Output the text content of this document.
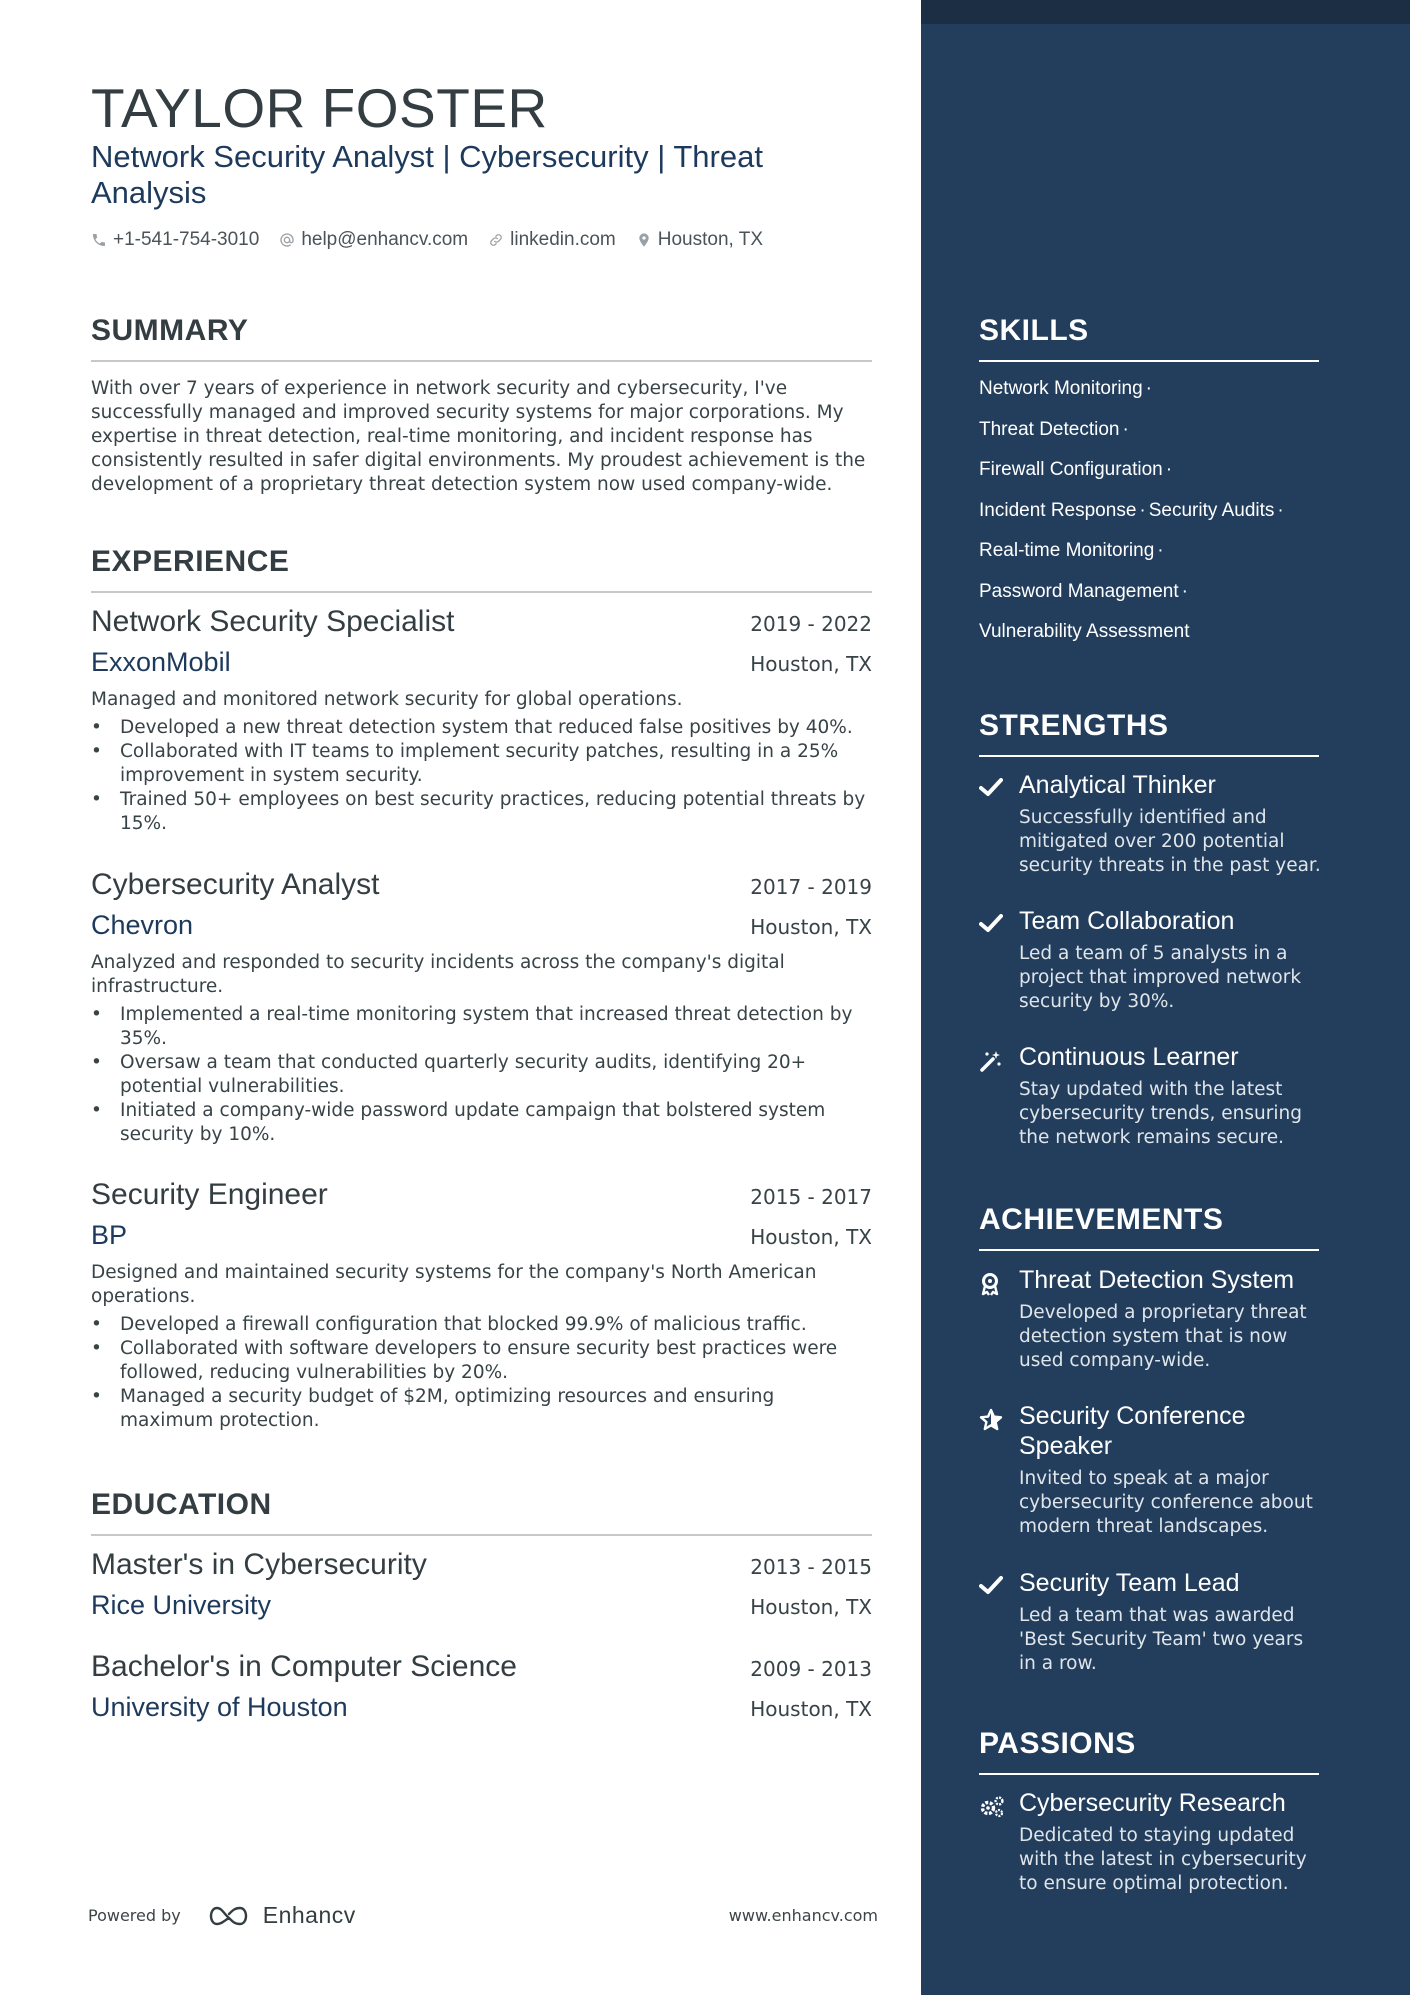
TAYLOR FOSTER
Network Security Analyst | Cybersecurity | Threat Analysis
+1-541-754-3010 help@enhancv.com linkedin.com Houston, TX
SUMMARY

With over 7 years of experience in network security and cybersecurity, I've successfully managed and improved security systems for major corporations. My expertise in threat detection, real-time monitoring, and incident response has consistently resulted in safer digital environments. My proudest achievement is the development of a proprietary threat detection system now used company-wide.

EXPERIENCE
Network Security Specialist	2019 - 2022
ExxonMobil	Houston, TX

Managed and monitored network security for global operations.

• Developed a new threat detection system that reduced false positives by 40%.
• Collaborated with IT teams to implement security patches, resulting in a 25% improvement in system security.
• Trained 50+ employees on best security practices, reducing potential threats by 15%.
Cybersecurity Analyst	2017 - 2019
Chevron	Houston, TX

Analyzed and responded to security incidents across the company's digital infrastructure.

• Implemented a real-time monitoring system that increased threat detection by 35%.
• Oversaw a team that conducted quarterly security audits, identifying 20+ potential vulnerabilities.
• Initiated a company-wide password update campaign that bolstered system security by 10%.
Security Engineer	2015 - 2017
BP	Houston, TX

Designed and maintained security systems for the company's North American operations.

• Developed a firewall configuration that blocked 99.9% of malicious traffic.
• Collaborated with software developers to ensure security best practices were followed, reducing vulnerabilities by 20%.
• Managed a security budget of $2M, optimizing resources and ensuring maximum protection.
EDUCATION
Master's in Cybersecurity	2013 - 2015
Rice University	Houston, TX
Bachelor's in Computer Science	2009 - 2013
University of Houston	Houston, TX
Powered by	Enhancv	www.enhancv.com
SKILLS
Network Monitoring ·
Threat Detection ·
Firewall Configuration ·
Incident Response · Security Audits ·
Real-time Monitoring ·
Password Management ·
Vulnerability Assessment
STRENGTHS
Analytical Thinker
Successfully identified and mitigated over 200 potential security threats in the past year.
Team Collaboration
Led a team of 5 analysts in a project that improved network security by 30%.
Continuous Learner
Stay updated with the latest cybersecurity trends, ensuring the network remains secure.
ACHIEVEMENTS
Threat Detection System
Developed a proprietary threat detection system that is now used company-wide.
Security Conference Speaker
Invited to speak at a major cybersecurity conference about modern threat landscapes.
Security Team Lead
Led a team that was awarded 'Best Security Team' two years in a row.
PASSIONS
Cybersecurity Research
Dedicated to staying updated with the latest in cybersecurity to ensure optimal protection.
